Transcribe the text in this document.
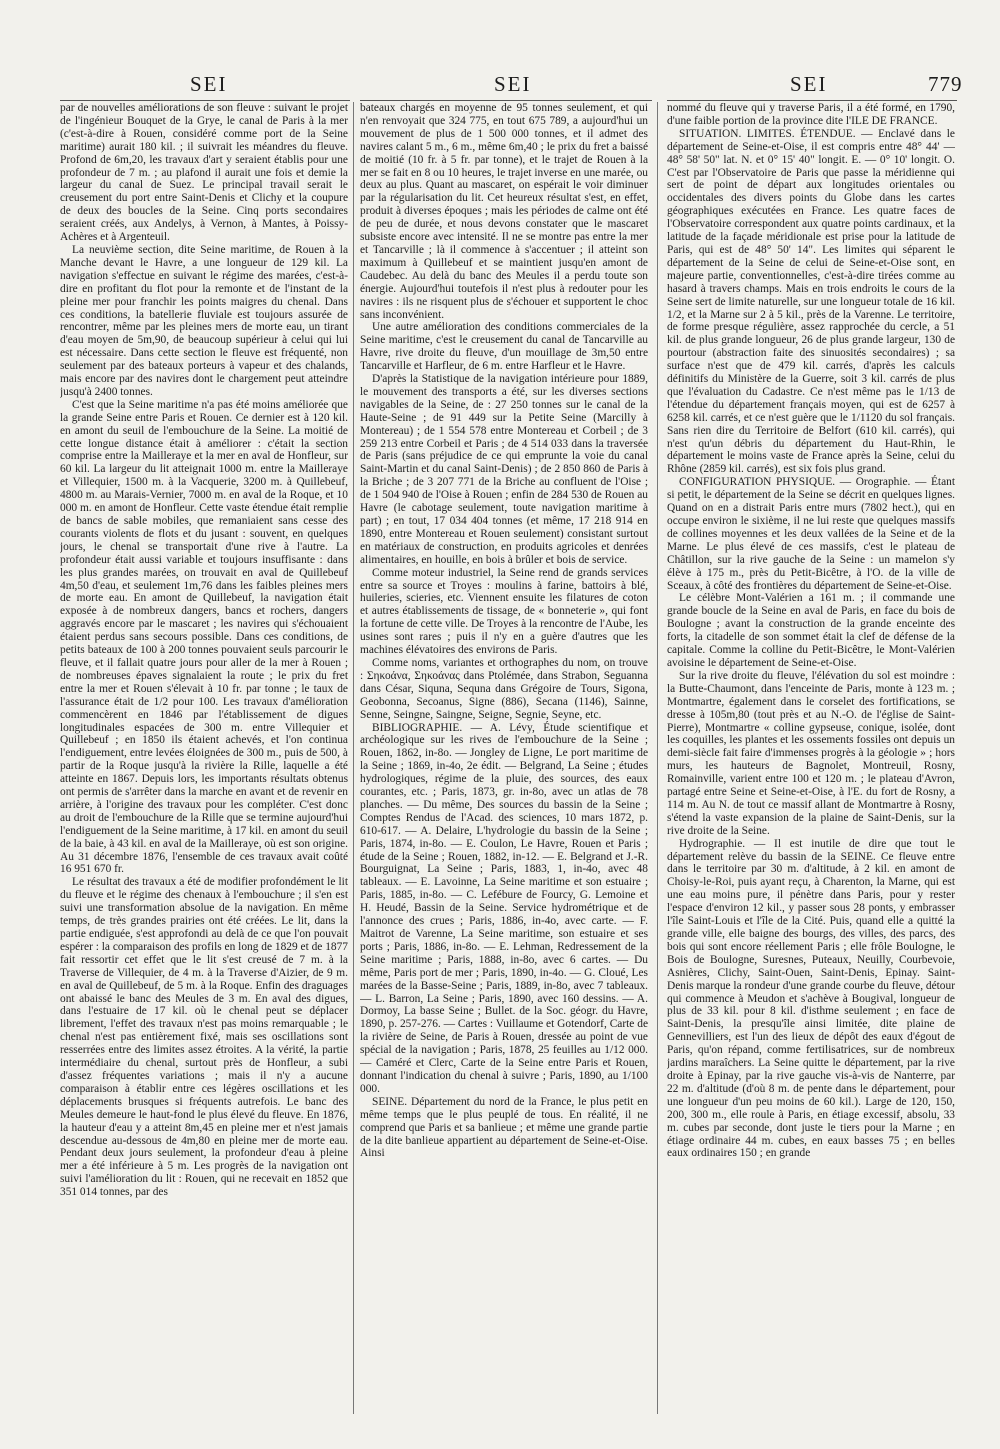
SEI	SEI	SEI	779

par de nouvelles améliorations de son fleuve : suivant le projet de l'ingénieur Bouquet de la Grye, le canal de Paris à la mer (c'est-à-dire à Rouen, considéré comme port de la Seine maritime) aurait 180 kil. ; il suivrait les méandres du fleuve. Profond de 6m,20, les travaux d'art y seraient établis pour une profondeur de 7 m. ; au plafond il aurait une fois et demie la largeur du canal de Suez. Le principal travail serait le creusement du port entre Saint-Denis et Clichy et la coupure de deux des boucles de la Seine. Cinq ports secondaires seraient créés, aux Andelys, à Vernon, à Mantes, à Poissy-Achères et à Argenteuil.

La neuvième section, dite Seine maritime, de Rouen à la Manche devant le Havre, a une longueur de 129 kil. La navigation s'effectue en suivant le régime des marées, c'est-à-dire en profitant du flot pour la remonte et de l'instant de la pleine mer pour franchir les points maigres du chenal. Dans ces conditions, la batellerie fluviale est toujours assurée de rencontrer, même par les pleines mers de morte eau, un tirant d'eau moyen de 5m,90, de beaucoup supérieur à celui qui lui est nécessaire. Dans cette section le fleuve est fréquenté, non seulement par des bateaux porteurs à vapeur et des chalands, mais encore par des navires dont le chargement peut atteindre jusqu'à 2400 tonnes.

C'est que la Seine maritime n'a pas été moins améliorée que la grande Seine entre Paris et Rouen. Ce dernier est à 120 kil. en amont du seuil de l'embouchure de la Seine. La moitié de cette longue distance était à améliorer : c'était la section comprise entre la Mailleraye et la mer en aval de Honfleur, sur 60 kil. La largeur du lit atteignait 1000 m. entre la Mailleraye et Villequier, 1500 m. à la Vacquerie, 3200 m. à Quillebeuf, 4800 m. au Marais-Vernier, 7000 m. en aval de la Roque, et 10 000 m. en amont de Honfleur. Cette vaste étendue était remplie de bancs de sable mobiles, que remaniaient sans cesse des courants violents de flots et du jusant : souvent, en quelques jours, le chenal se transportait d'une rive à l'autre. La profondeur était aussi variable et toujours insuffisante : dans les plus grandes marées, on trouvait en aval de Quillebeuf 4m,50 d'eau, et seulement 1m,76 dans les faibles pleines mers de morte eau. En amont de Quillebeuf, la navigation était exposée à de nombreux dangers, bancs et rochers, dangers aggravés encore par le mascaret ; les navires qui s'échouaient étaient perdus sans secours possible. Dans ces conditions, de petits bateaux de 100 à 200 tonnes pouvaient seuls parcourir le fleuve, et il fallait quatre jours pour aller de la mer à Rouen ; de nombreuses épaves signalaient la route ; le prix du fret entre la mer et Rouen s'élevait à 10 fr. par tonne ; le taux de l'assurance était de 1/2 pour 100. Les travaux d'amélioration commencèrent en 1846 par l'établissement de digues longitudinales espacées de 300 m. entre Villequier et Quillebeuf ; en 1850 ils étaient achevés, et l'on continua l'endiguement, entre levées éloignées de 300 m., puis de 500, à partir de la Roque jusqu'à la rivière la Rille, laquelle a été atteinte en 1867. Depuis lors, les importants résultats obtenus ont permis de s'arrêter dans la marche en avant et de revenir en arrière, à l'origine des travaux pour les compléter. C'est donc au droit de l'embouchure de la Rille que se termine aujourd'hui l'endiguement de la Seine maritime, à 17 kil. en amont du seuil de la baie, à 43 kil. en aval de la Mailleraye, où est son origine. Au 31 décembre 1876, l'ensemble de ces travaux avait coûté 16 951 670 fr.

Le résultat des travaux a été de modifier profondément le lit du fleuve et le régime des chenaux à l'embouchure ; il s'en est suivi une transformation absolue de la navigation. En même temps, de très grandes prairies ont été créées. Le lit, dans la partie endiguée, s'est approfondi au delà de ce que l'on pouvait espérer : la comparaison des profils en long de 1829 et de 1877 fait ressortir cet effet que le lit s'est creusé de 7 m. à la Traverse de Villequier, de 4 m. à la Traverse d'Aizier, de 9 m. en aval de Quillebeuf, de 5 m. à la Roque. Enfin des draguages ont abaissé le banc des Meules de 3 m. En aval des digues, dans l'estuaire de 17 kil. où le chenal peut se déplacer librement, l'effet des travaux n'est pas moins remarquable ; le chenal n'est pas entièrement fixé, mais ses oscillations sont resserrées entre des limites assez étroites. A la vérité, la partie intermédiaire du chenal, surtout près de Honfleur, a subi d'assez fréquentes variations ; mais il n'y a aucune comparaison à établir entre ces légères oscillations et les déplacements brusques si fréquents autrefois. Le banc des Meules demeure le haut-fond le plus élevé du fleuve. En 1876, la hauteur d'eau y a atteint 8m,45 en pleine mer et n'est jamais descendue au-dessous de 4m,80 en pleine mer de morte eau. Pendant deux jours seulement, la profondeur d'eau à pleine mer a été inférieure à 5 m. Les progrès de la navigation ont suivi l'amélioration du lit : Rouen, qui ne recevait en 1852 que 351 014 tonnes, par des

bateaux chargés en moyenne de 95 tonnes seulement, et qui n'en renvoyait que 324 775, en tout 675 789, a aujourd'hui un mouvement de plus de 1 500 000 tonnes, et il admet des navires calant 5 m., 6 m., même 6m,40 ; le prix du fret a baissé de moitié (10 fr. à 5 fr. par tonne), et le trajet de Rouen à la mer se fait en 8 ou 10 heures, le trajet inverse en une marée, ou deux au plus. Quant au mascaret, on espérait le voir diminuer par la régularisation du lit. Cet heureux résultat s'est, en effet, produit à diverses époques ; mais les périodes de calme ont été de peu de durée, et nous devons constater que le mascaret subsiste encore avec intensité. Il ne se montre pas entre la mer et Tancarville ; là il commence à s'accentuer ; il atteint son maximum à Quillebeuf et se maintient jusqu'en amont de Caudebec. Au delà du banc des Meules il a perdu toute son énergie. Aujourd'hui toutefois il n'est plus à redouter pour les navires : ils ne risquent plus de s'échouer et supportent le choc sans inconvénient.

Une autre amélioration des conditions commerciales de la Seine maritime, c'est le creusement du canal de Tancarville au Havre, rive droite du fleuve, d'un mouillage de 3m,50 entre Tancarville et Harfleur, de 6 m. entre Harfleur et le Havre.

D'après la Statistique de la navigation intérieure pour 1889, le mouvement des transports a été, sur les diverses sections navigables de la Seine, de : 27 250 tonnes sur le canal de la Haute-Seine ; de 91 449 sur la Petite Seine (Marcilly à Montereau) ; de 1 554 578 entre Montereau et Corbeil ; de 3 259 213 entre Corbeil et Paris ; de 4 514 033 dans la traversée de Paris (sans préjudice de ce qui emprunte la voie du canal Saint-Martin et du canal Saint-Denis) ; de 2 850 860 de Paris à la Briche ; de 3 207 771 de la Briche au confluent de l'Oise ; de 1 504 940 de l'Oise à Rouen ; enfin de 284 530 de Rouen au Havre (le cabotage seulement, toute navigation maritime à part) ; en tout, 17 034 404 tonnes (et même, 17 218 914 en 1890, entre Montereau et Rouen seulement) consistant surtout en matériaux de construction, en produits agricoles et denrées alimentaires, en houille, en bois à brûler et bois de service.

Comme moteur industriel, la Seine rend de grands services entre sa source et Troyes : moulins à farine, battoirs à blé, huileries, scieries, etc. Viennent ensuite les filatures de coton et autres établissements de tissage, de « bonneterie », qui font la fortune de cette ville. De Troyes à la rencontre de l'Aube, les usines sont rares ; puis il n'y en a guère d'autres que les machines élévatoires des environs de Paris.

Comme noms, variantes et orthographes du nom, on trouve : Σηκοάνα, Σηκοάνας dans Ptolémée, dans Strabon, Seguanna dans César, Siquna, Sequna dans Grégoire de Tours, Sigona, Geobonna, Secoanus, Signe (886), Secana (1146), Sainne, Senne, Seingne, Saingne, Seigne, Segnie, Seyne, etc.

BIBLIOGRAPHIE. — A. Lévy, Étude scientifique et archéologique sur les rives de l'embouchure de la Seine ; Rouen, 1862, in-8o. — Jongley de Ligne, Le port maritime de la Seine ; 1869, in-4o, 2e édit. — Belgrand, La Seine ; études hydrologiques, régime de la pluie, des sources, des eaux courantes, etc. ; Paris, 1873, gr. in-8o, avec un atlas de 78 planches. — Du même, Des sources du bassin de la Seine ; Comptes Rendus de l'Acad. des sciences, 10 mars 1872, p. 610-617. — A. Delaire, L'hydrologie du bassin de la Seine ; Paris, 1874, in-8o. — E. Coulon, Le Havre, Rouen et Paris ; étude de la Seine ; Rouen, 1882, in-12. — E. Belgrand et J.-R. Bourguignat, La Seine ; Paris, 1883, 1, in-4o, avec 48 tableaux. — E. Lavoinne, La Seine maritime et son estuaire ; Paris, 1885, in-8o. — C. Lefébure de Fourcy, G. Lemoine et H. Heudé, Bassin de la Seine. Service hydrométrique et de l'annonce des crues ; Paris, 1886, in-4o, avec carte. — F. Maitrot de Varenne, La Seine maritime, son estuaire et ses ports ; Paris, 1886, in-8o. — E. Lehman, Redressement de la Seine maritime ; Paris, 1888, in-8o, avec 6 cartes. — Du même, Paris port de mer ; Paris, 1890, in-4o. — G. Cloué, Les marées de la Basse-Seine ; Paris, 1889, in-8o, avec 7 tableaux. — L. Barron, La Seine ; Paris, 1890, avec 160 dessins. — A. Dormoy, La basse Seine ; Bullet. de la Soc. géogr. du Havre, 1890, p. 257-276. — Cartes : Vuillaume et Gotendorf, Carte de la rivière de Seine, de Paris à Rouen, dressée au point de vue spécial de la navigation ; Paris, 1878, 25 feuilles au 1/12 000. — Caméré et Clerc, Carte de la Seine entre Paris et Rouen, donnant l'indication du chenal à suivre ; Paris, 1890, au 1/100 000.

SEINE. Département du nord de la France, le plus petit en même temps que le plus peuplé de tous. En réalité, il ne comprend que Paris et sa banlieue ; et même une grande partie de la dite banlieue appartient au département de Seine-et-Oise. Ainsi

nommé du fleuve qui y traverse Paris, il a été formé, en 1790, d'une faible portion de la province dite l'ILE DE FRANCE.

SITUATION. LIMITES. ÉTENDUE. — Enclavé dans le département de Seine-et-Oise, il est compris entre 48° 44' — 48° 58' 50" lat. N. et 0° 15' 40" longit. E. — 0° 10' longit. O. C'est par l'Observatoire de Paris que passe la méridienne qui sert de point de départ aux longitudes orientales ou occidentales des divers points du Globe dans les cartes géographiques exécutées en France. Les quatre faces de l'Observatoire correspondent aux quatre points cardinaux, et la latitude de la façade méridionale est prise pour la latitude de Paris, qui est de 48° 50' 14". Les limites qui séparent le département de la Seine de celui de Seine-et-Oise sont, en majeure partie, conventionnelles, c'est-à-dire tirées comme au hasard à travers champs. Mais en trois endroits le cours de la Seine sert de limite naturelle, sur une longueur totale de 16 kil. 1/2, et la Marne sur 2 à 5 kil., près de la Varenne. Le territoire, de forme presque régulière, assez rapprochée du cercle, a 51 kil. de plus grande longueur, 26 de plus grande largeur, 130 de pourtour (abstraction faite des sinuosités secondaires) ; sa surface n'est que de 479 kil. carrés, d'après les calculs définitifs du Ministère de la Guerre, soit 3 kil. carrés de plus que l'évaluation du Cadastre. Ce n'est même pas le 1/13 de l'étendue du département français moyen, qui est de 6257 à 6258 kil. carrés, et ce n'est guère que le 1/1120 du sol français. Sans rien dire du Territoire de Belfort (610 kil. carrés), qui n'est qu'un débris du département du Haut-Rhin, le département le moins vaste de France après la Seine, celui du Rhône (2859 kil. carrés), est six fois plus grand.

CONFIGURATION PHYSIQUE. — Orographie. — Étant si petit, le département de la Seine se décrit en quelques lignes. Quand on en a distrait Paris entre murs (7802 hect.), qui en occupe environ le sixième, il ne lui reste que quelques massifs de collines moyennes et les deux vallées de la Seine et de la Marne. Le plus élevé de ces massifs, c'est le plateau de Châtillon, sur la rive gauche de la Seine : un mamelon s'y élève à 175 m., près du Petit-Bicêtre, à l'O. de la ville de Sceaux, à côté des frontières du département de Seine-et-Oise.

Le célèbre Mont-Valérien a 161 m. ; il commande une grande boucle de la Seine en aval de Paris, en face du bois de Boulogne ; avant la construction de la grande enceinte des forts, la citadelle de son sommet était la clef de défense de la capitale. Comme la colline du Petit-Bicêtre, le Mont-Valérien avoisine le département de Seine-et-Oise.

Sur la rive droite du fleuve, l'élévation du sol est moindre : la Butte-Chaumont, dans l'enceinte de Paris, monte à 123 m. ; Montmartre, également dans le corselet des fortifications, se dresse à 105m,80 (tout près et au N.-O. de l'église de Saint-Pierre), Montmartre « colline gypseuse, conique, isolée, dont les coquilles, les plantes et les ossements fossiles ont depuis un demi-siècle fait faire d'immenses progrès à la géologie » ; hors murs, les hauteurs de Bagnolet, Montreuil, Rosny, Romainville, varient entre 100 et 120 m. ; le plateau d'Avron, partagé entre Seine et Seine-et-Oise, à l'E. du fort de Rosny, a 114 m. Au N. de tout ce massif allant de Montmartre à Rosny, s'étend la vaste expansion de la plaine de Saint-Denis, sur la rive droite de la Seine.

Hydrographie. — Il est inutile de dire que tout le département relève du bassin de la SEINE. Ce fleuve entre dans le territoire par 30 m. d'altitude, à 2 kil. en amont de Choisy-le-Roi, puis ayant reçu, à Charenton, la Marne, qui est une eau moins pure, il pénètre dans Paris, pour y rester l'espace d'environ 12 kil., y passer sous 28 ponts, y embrasser l'île Saint-Louis et l'île de la Cité. Puis, quand elle a quitté la grande ville, elle baigne des bourgs, des villes, des parcs, des bois qui sont encore réellement Paris ; elle frôle Boulogne, le Bois de Boulogne, Suresnes, Puteaux, Neuilly, Courbevoie, Asnières, Clichy, Saint-Ouen, Saint-Denis, Epinay. Saint-Denis marque la rondeur d'une grande courbe du fleuve, détour qui commence à Meudon et s'achève à Bougival, longueur de plus de 33 kil. pour 8 kil. d'isthme seulement ; en face de Saint-Denis, la presqu'île ainsi limitée, dite plaine de Gennevilliers, est l'un des lieux de dépôt des eaux d'égout de Paris, qu'on répand, comme fertilisatrices, sur de nombreux jardins maraîchers. La Seine quitte le département, par la rive droite à Epinay, par la rive gauche vis-à-vis de Nanterre, par 22 m. d'altitude (d'où 8 m. de pente dans le département, pour une longueur d'un peu moins de 60 kil.). Large de 120, 150, 200, 300 m., elle roule à Paris, en étiage excessif, absolu, 33 m. cubes par seconde, dont juste le tiers pour la Marne ; en étiage ordinaire 44 m. cubes, en eaux basses 75 ; en belles eaux ordinaires 150 ; en grande
